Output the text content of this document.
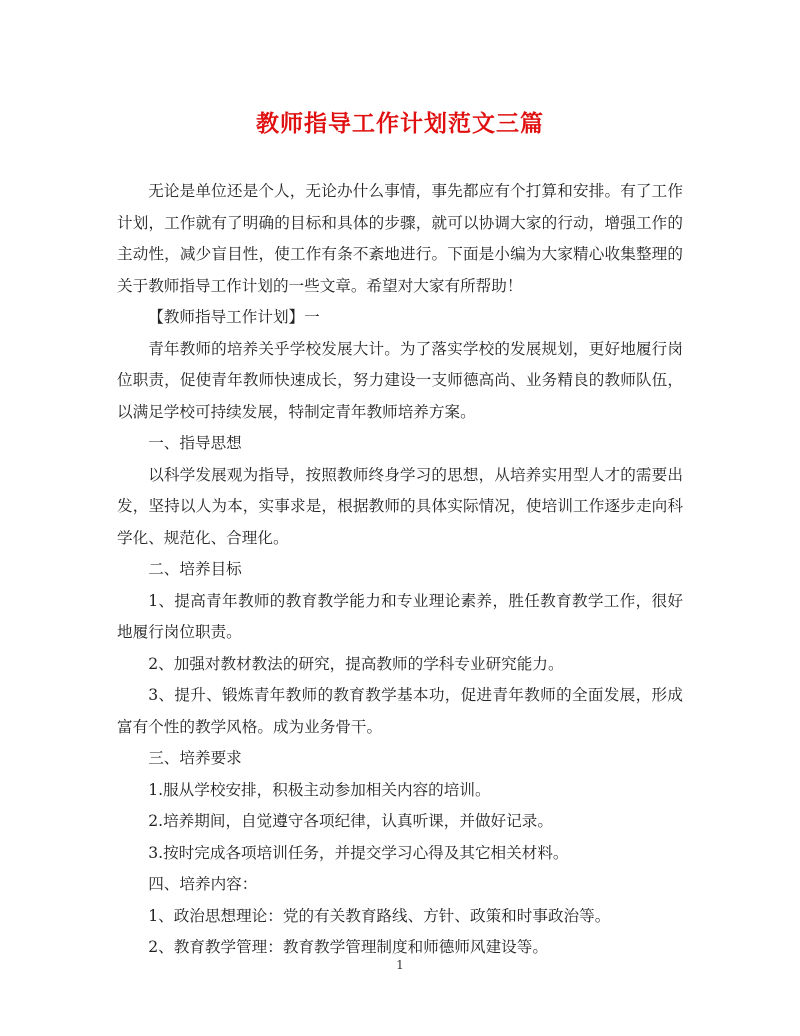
教师指导工作计划范文三篇

无论是单位还是个人，无论办什么事情，事先都应有个打算和安排。有了工作计划，工作就有了明确的目标和具体的步骤，就可以协调大家的行动，增强工作的主动性，减少盲目性，使工作有条不紊地进行。下面是小编为大家精心收集整理的关于教师指导工作计划的一些文章。希望对大家有所帮助！

【教师指导工作计划】一

青年教师的培养关乎学校发展大计。为了落实学校的发展规划，更好地履行岗位职责，促使青年教师快速成长，努力建设一支师德高尚、业务精良的教师队伍，以满足学校可持续发展，特制定青年教师培养方案。

一、指导思想

以科学发展观为指导，按照教师终身学习的思想，从培养实用型人才的需要出发，坚持以人为本，实事求是，根据教师的具体实际情况，使培训工作逐步走向科学化、规范化、合理化。

二、培养目标

1、提高青年教师的教育教学能力和专业理论素养，胜任教育教学工作，很好地履行岗位职责。

2、加强对教材教法的研究，提高教师的学科专业研究能力。

3、提升、锻炼青年教师的教育教学基本功，促进青年教师的全面发展，形成富有个性的教学风格。成为业务骨干。

三、培养要求

1.服从学校安排，积极主动参加相关内容的培训。

2.培养期间，自觉遵守各项纪律，认真听课，并做好记录。

3.按时完成各项培训任务，并提交学习心得及其它相关材料。

四、培养内容：

1、政治思想理论：党的有关教育路线、方针、政策和时事政治等。

2、教育教学管理：教育教学管理制度和师德师风建设等。

1
